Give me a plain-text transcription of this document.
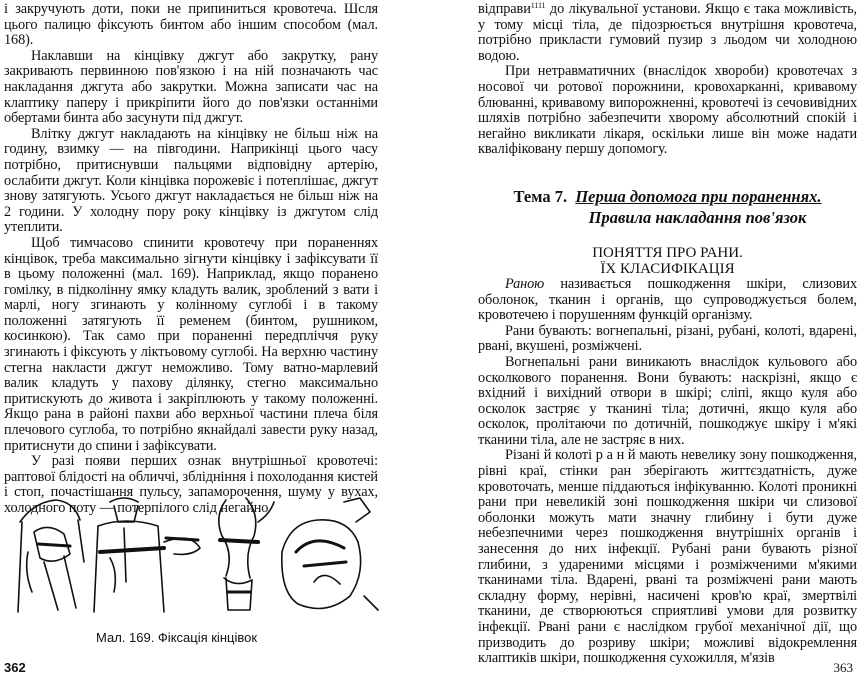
і закручують доти, поки не припиниться кровотеча. Шсля цього палицю фіксують бинтом або іншим способом (мал. 168).

Наклавши на кінцівку джгут або закрутку, рану закривають первинною пов'язкою і на ній позначають час накладання джгута або закрутки. Можна записати час на клаптику паперу і прикріпити його до пов'язки останніми обертами бинта або засунути під джгут.

Влітку джгут накладають на кінцівку не більш ніж на годину, взимку — на півгодини. Наприкінці цього часу потрібно, притиснувши пальцями відповідну артерію, ослабити джгут. Коли кінцівка порожевіє і потеплішає, джгут знову затягують. Усього джгут накладається не більш ніж на 2 години. У холодну пору року кінцівку із джгутом слід утеплити.

Щоб тимчасово спинити кровотечу при пораненнях кінцівок, треба максимально зігнути кінцівку і зафіксувати її в цьому положенні (мал. 169). Наприклад, якщо поранено гомілку, в підколінну ямку кладуть валик, зроблений з вати і марлі, ногу згинають у колінному суглобі і в такому положенні затягують її ременем (бинтом, рушником, косинкою). Так само при пораненні передпліччя руку згинають і фіксують у ліктьовому суглобі. На верхню частину стегна накласти джгут неможливо. Тому ватно-марлевий валик кладуть у пахову ділянку, стегно максимально притискують до живота і закріплюють у такому положенні. Якщо рана в районі пахви або верхньої частини плеча біля плечового суглоба, то потрібно якнайдалі завести руку назад, притиснути до спини і зафіксувати.

У разі появи перших ознак внутрішньої кровотечі: раптової блідості на обличчі, зблідніння і похолодання кистей і стоп, почастішання пульсу, запаморочення, шуму у вухах, холодного поту — потерпілого слід негайно

Мал. 169. Фіксація кінцівок
362

відправи$^{1111}$ до лікувальної установи. Якщо є така можливість, у тому місці тіла, де підозрюється внутрішня кровотеча, потрібно прикласти гумовий пузир з льодом чи холодною водою.

При нетравматичних (внаслідок хвороби) кровотечах з носової чи ротової порожнини, кровохарканні, кривавому блюванні, кривавому випорожненні, кровотечі із сечовивідних шляхів потрібно забезпечити хворому абсолютний спокій і негайно викликати лікаря, оскільки лише він може надати кваліфіковану першу допомогу.

Тема 7. Перша допомога при пораненнях.
Правила накладання пов'язок
ПОНЯТТЯ ПРО РАНИ.
ЇХ КЛАСИФІКАЦІЯ

Раною називається пошкодження шкіри, слизових оболонок, тканин і органів, що супроводжується болем, кровотечею і порушенням функцій організму.

Рани бувають: вогнепальні, різані, рубані, колоті, вдарені, рвані, вкушені, розміжчені.

Вогнепальні рани виникають внаслідок кульового або осколкового поранення. Вони бувають: наскрізні, якщо є вхідний і вихідний отвори в шкірі; сліпі, якщо куля або осколок застряє у тканині тіла; дотичні, якщо куля або осколок, пролітаючи по дотичній, пошкоджує шкіру і м'які тканини тіла, але не застряє в них.

Різані й колоті р а н й мають невелику зону пошкодження, рівні краї, стінки ран зберігають життєздатність, дуже кровоточать, менше піддаються інфікуванню. Колоті проникні рани при невеликій зоні пошкодження шкіри чи слизової оболонки можуть мати значну глибину і бути дуже небезпечними через пошкодження внутрішніх органів і занесення до них інфекції. Рубані рани бувають різної глибини, з удареними місцями і розміжченими м'якими тканинами тіла. Вдарені, рвані та розміжчені рани мають складну форму, нерівні, насичені кров'ю краї, змертвілі тканини, де створюються сприятливі умови для розвитку інфекції. Рвані рани є наслідком грубої механічної дії, що призводить до розриву шкіри; можливі відокремлення клаптиків шкіри, пошкодження сухожилля, м'язів

363
